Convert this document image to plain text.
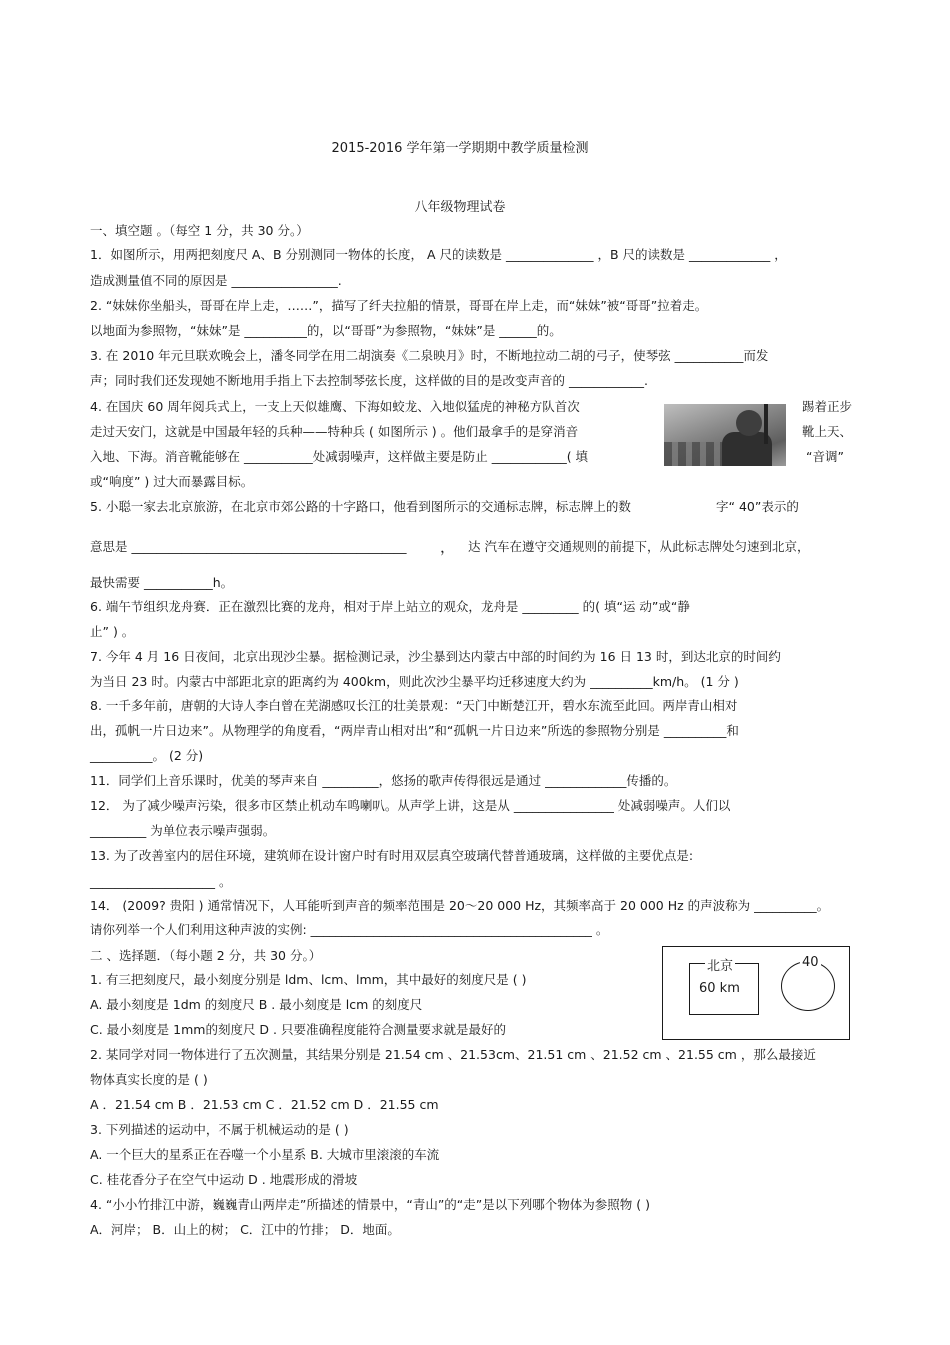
2015-2016 学年第一学期期中教学质量检测
八年级物理试卷
一、填空题 。（每空 1 分，共 30 分。）
1．如图所示，用两把刻度尺 A、B 分别测同一物体的长度， A 尺的读数是 ______________ ，B 尺的读数是 _____________ ，
造成测量值不同的原因是 _________________.
2. “妹妹你坐船头，哥哥在岸上走，……”，描写了纤夫拉船的情景，哥哥在岸上走，而“妹妹”被“哥哥”拉着走。
以地面为参照物，“妹妹”是 __________的，以“哥哥”为参照物，“妹妹”是 ______的。
3. 在 2010 年元旦联欢晚会上，潘冬同学在用二胡演奏《二泉映月》时，不断地拉动二胡的弓子，使琴弦 ___________而发
声；同时我们还发现她不断地用手指上下去控制琴弦长度，这样做的目的是改变声音的 ____________.
4. 在国庆 60 周年阅兵式上，一支上天似雄鹰、下海如蛟龙、入地似猛虎的神秘方队首次	踢着正步
走过天安门，这就是中国最年轻的兵种——特种兵 ( 如图所示 ) 。他们最拿手的是穿消音	靴上天、
入地、下海。消音靴能够在 ___________处减弱噪声，这样做主要是防止 ____________( 填	“音调”
或“响度” ) 过大而暴露目标。
5. 小聪一家去北京旅游，在北京市郊公路的十字路口，他看到图所示的交通标志牌，标志牌上的数	字“ 40”表示的
意思是 ____________________________________________ ， 达 汽车在遵守交通规则的前提下，从此标志牌处匀速到北京，
最快需要 ___________h。
6. 端午节组织龙舟赛．正在激烈比赛的龙舟，相对于岸上站立的观众，龙舟是 _________ 的( 填“运 动”或“静
止” ) 。
7. 今年 4 月 16 日夜间，北京出现沙尘暴。据检测记录，沙尘暴到达内蒙古中部的时间约为 16 日 13 时，到达北京的时间约
为当日 23 时。内蒙古中部距北京的距离约为 400km，则此次沙尘暴平均迁移速度大约为 __________km/h。 (1 分 )
8. 一千多年前，唐朝的大诗人李白曾在芜湖感叹长江的壮美景观：“天门中断楚江开，碧水东流至此回。两岸青山相对
出，孤帆一片日边来”。从物理学的角度看，“两岸青山相对出”和“孤帆一片日边来”所选的参照物分别是 __________和
__________。 (2 分)
11．同学们上音乐课时，优美的琴声来自 _________，悠扬的歌声传得很远是通过 _____________传播的。
12． 为了减少噪声污染，很多市区禁止机动车鸣喇叭。从声学上讲，这是从 ________________ 处减弱噪声。人们以
_________ 为单位表示噪声强弱。
13. 为了改善室内的居住环境，建筑师在设计窗户时有时用双层真空玻璃代替普通玻璃，这样做的主要优点是:
____________________ 。
14． (2009? 贵阳 ) 通常情况下，人耳能听到声音的频率范围是 20～20 000 Hz，其频率高于 20 000 Hz 的声波称为 __________。
请你列举一个人们利用这种声波的实例: _____________________________________________ 。
二 、选择题．（每小题 2 分，共 30 分。）
北京
60 km
40
1. 有三把刻度尺，最小刻度分别是 ldm、lcm、lmm，其中最好的刻度尺是 ( )
A. 最小刻度是 1dm 的刻度尺 B . 最小刻度是 lcm 的刻度尺
C. 最小刻度是 1mm的刻度尺 D . 只要准确程度能符合测量要求就是最好的
2. 某同学对同一物体进行了五次测量，其结果分别是 21.54 cm 、21.53cm、21.51 cm 、21.52 cm 、21.55 cm ，那么最接近
物体真实长度的是 ( )
A ．21.54 cm B ．21.53 cm C ．21.52 cm D ．21.55 cm
3. 下列描述的运动中，不属于机械运动的是 ( )
A. 一个巨大的星系正在吞噬一个小星系 B. 大城市里滚滚的车流
C. 桂花香分子在空气中运动 D . 地震形成的滑坡
4. “小小竹排江中游，巍巍青山两岸走”所描述的情景中，“青山”的“走”是以下列哪个物体为参照物 ( )
A．河岸； B．山上的树； C．江中的竹排； D．地面。
